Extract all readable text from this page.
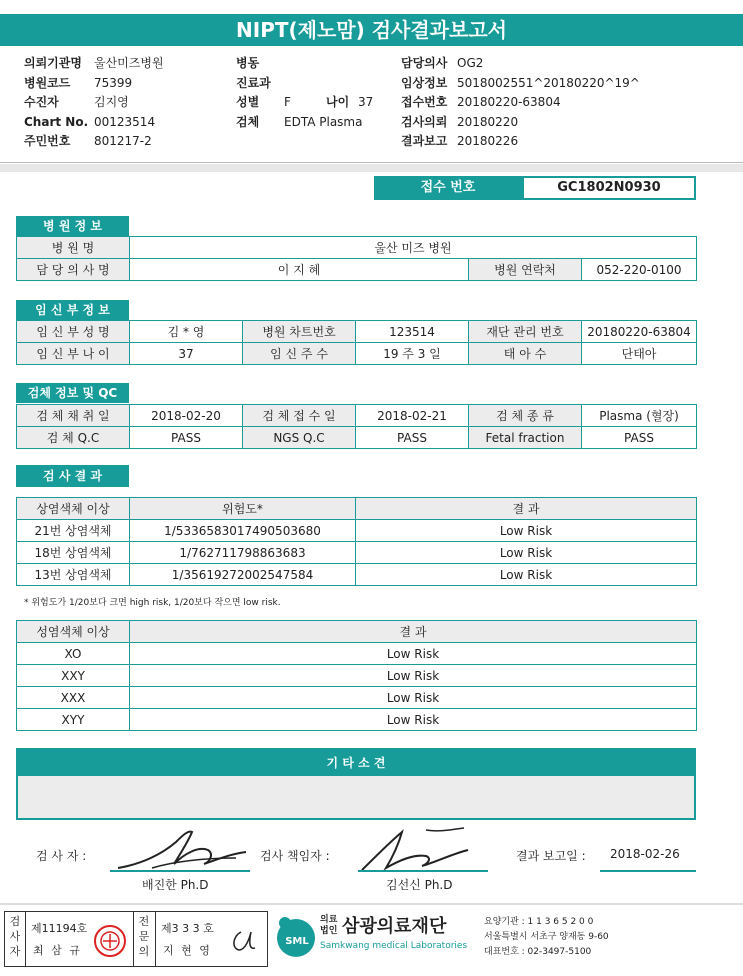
NIPT(제노맘) 검사결과보고서
의뢰기관명 울산미즈병원
병원코드 75399
수진자	김지영
Chart No. 00123514
주민번호 801217-2
병동
진료과
성별 F	나이 37
검체 EDTA Plasma
담당의사 OG2
임상정보 5018002551^20180220^19^
접수번호 20180220-63804
검사의뢰 20180220
결과보고 20180226
접수 번호	GC1802N0930
병 원 정 보
병 원 명	울산 미즈 병원		
담 당 의 사 명	이 지 혜	병원 연락처	052-220-0100
임 신 부 정 보
임 신 부 성 명	김 * 영	병원 차트번호	123514	재단 관리 번호	20180220-63804
임 신 부 나 이	37	임 신 주 수	19 주 3 일	태 아 수	단태아
검체 정보 및 QC
검 체 채 취 일	2018-02-20	검 체 접 수 일	2018-02-21	검 체 종 류	Plasma (혈장)
검 체 Q.C	PASS	NGS Q.C	PASS	Fetal fraction	PASS
검 사 결 과
상염색체 이상	위험도*	결 과
21번 상염색체	1/5336583017490503680	Low Risk
18번 상염색체	1/762711798863683	Low Risk
13번 상염색체	1/35619272002547584	Low Risk
* 위험도가 1/20보다 크면 high risk, 1/20보다 작으면 low risk.
성염색체 이상	결 과
XO	Low Risk
XXY	Low Risk
XXX	Low Risk
XYY	Low Risk
기 타 소 견
검 사 자 :
배진한 Ph.D
검사 책임자 :
김선신 Ph.D
결과 보고일 : 2018-02-26
검사자
제11194호
최 삼 규
전문의
제3 3 3 호
지 현 영
SML
의료
법인 삼광의료재단
Samkwang medical Laboratories
요양기관 : 1 1 3 6 5 2 0 0
서울특별시 서초구 양재동 9-60
대표번호 : 02-3497-5100
